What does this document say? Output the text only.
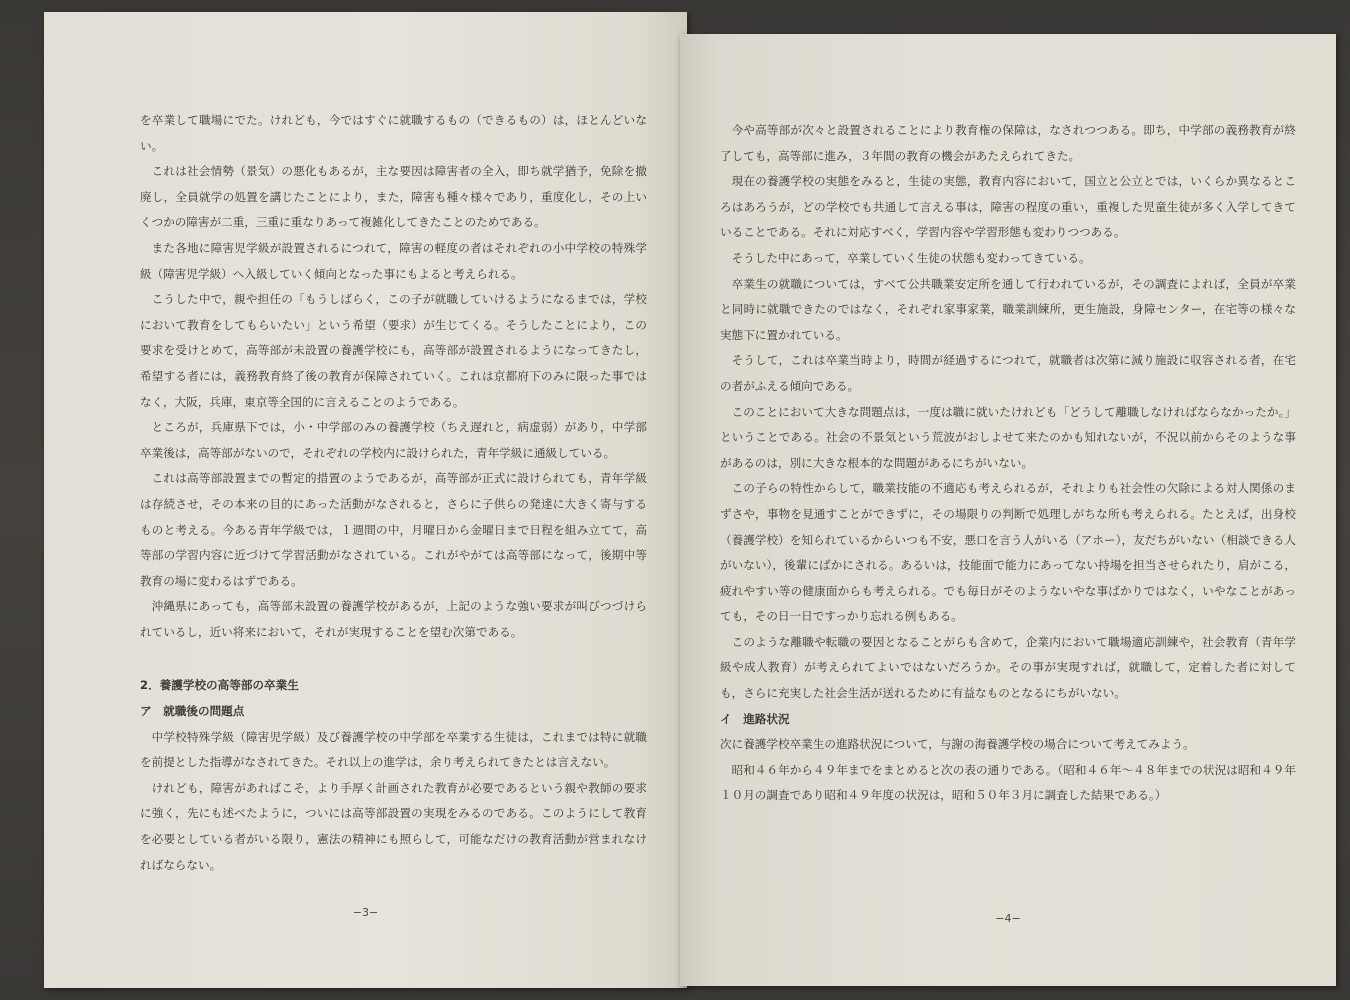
を卒業して職場にでた。けれども，今ではすぐに就職するもの（できるもの）は，ほとんどいない。

これは社会情勢（景気）の悪化もあるが，主な要因は障害者の全入，即ち就学猶予，免除を撤廃し，全員就学の処置を講じたことにより，また，障害も種々様々であり，重度化し，その上いくつかの障害が二重，三重に重なりあって複雑化してきたことのためである。

また各地に障害児学級が設置されるにつれて，障害の軽度の者はそれぞれの小中学校の特殊学級（障害児学級）へ入級していく傾向となった事にもよると考えられる。

こうした中で，親や担任の「もうしばらく，この子が就職していけるようになるまでは，学校において教育をしてもらいたい」という希望（要求）が生じてくる。そうしたことにより，この要求を受けとめて，高等部が未設置の養護学校にも，高等部が設置されるようになってきたし，希望する者には，義務教育終了後の教育が保障されていく。これは京都府下のみに限った事ではなく，大阪，兵庫，東京等全国的に言えることのようである。

ところが，兵庫県下では，小・中学部のみの養護学校（ちえ遅れと，病虚弱）があり，中学部卒業後は，高等部がないので，それぞれの学校内に設けられた，青年学級に通級している。

これは高等部設置までの暫定的措置のようであるが，高等部が正式に設けられても，青年学級は存続させ，その本来の目的にあった活動がなされると，さらに子供らの発達に大きく寄与するものと考える。今ある青年学級では，１週間の中，月曜日から金曜日まで日程を組み立てて，高等部の学習内容に近づけて学習活動がなされている。これがやがては高等部になって，後期中等教育の場に変わるはずである。

沖縄県にあっても，高等部未設置の養護学校があるが，上記のような強い要求が叫びつづけられているし，近い将来において，それが実現することを望む次第である。

2．養護学校の高等部の卒業生

ア　就職後の問題点

中学校特殊学級（障害児学級）及び養護学校の中学部を卒業する生徒は，これまでは特に就職を前提とした指導がなされてきた。それ以上の進学は，余り考えられてきたとは言えない。

けれども，障害があればこそ，より手厚く計画された教育が必要であるという親や教師の要求に強く，先にも述べたように，ついには高等部設置の実現をみるのである。このようにして教育を必要としている者がいる限り，憲法の精神にも照らして，可能なだけの教育活動が営まれなければならない。

−3−

今や高等部が次々と設置されることにより教育権の保障は，なされつつある。即ち，中学部の義務教育が終了しても，高等部に進み，３年間の教育の機会があたえられてきた。

現在の養護学校の実態をみると，生徒の実態，教育内容において，国立と公立とでは，いくらか異なるところはあろうが，どの学校でも共通して言える事は，障害の程度の重い，重複した児童生徒が多く入学してきていることである。それに対応すべく，学習内容や学習形態も変わりつつある。

そうした中にあって，卒業していく生徒の状態も変わってきている。

卒業生の就職については，すべて公共職業安定所を通して行われているが，その調査によれば，全員が卒業と同時に就職できたのではなく，それぞれ家事家業，職業訓練所，更生施設，身障センター，在宅等の様々な実態下に置かれている。

そうして，これは卒業当時より，時間が経過するにつれて，就職者は次第に減り施設に収容される者，在宅の者がふえる傾向である。

このことにおいて大きな問題点は，一度は職に就いたけれども「どうして離職しなければならなかったか。」ということである。社会の不景気という荒波がおしよせて来たのかも知れないが，不況以前からそのような事があるのは，別に大きな根本的な問題があるにちがいない。

この子らの特性からして，職業技能の不適応も考えられるが，それよりも社会性の欠除による対人関係のまずさや，事物を見通すことができずに，その場限りの判断で処理しがちな所も考えられる。たとえば，出身校（養護学校）を知られているからいつも不安，悪口を言う人がいる（アホー），友だちがいない（相談できる人がいない），後輩にばかにされる。あるいは，技能面で能力にあってない持場を担当させられたり，肩がこる，疲れやすい等の健康面からも考えられる。でも毎日がそのようないやな事ばかりではなく，いやなことがあっても，その日一日ですっかり忘れる例もある。

このような離職や転職の要因となることがらも含めて，企業内において職場適応訓練や，社会教育（青年学級や成人教育）が考えられてよいではないだろうか。その事が実現すれば，就職して，定着した者に対しても，さらに充実した社会生活が送れるために有益なものとなるにちがいない。

イ　進路状況

次に養護学校卒業生の進路状況について，与謝の海養護学校の場合について考えてみよう。

昭和４６年から４９年までをまとめると次の表の通りである。（昭和４６年〜４８年までの状況は昭和４９年１０月の調査であり昭和４９年度の状況は，昭和５０年３月に調査した結果である。）

−4−
